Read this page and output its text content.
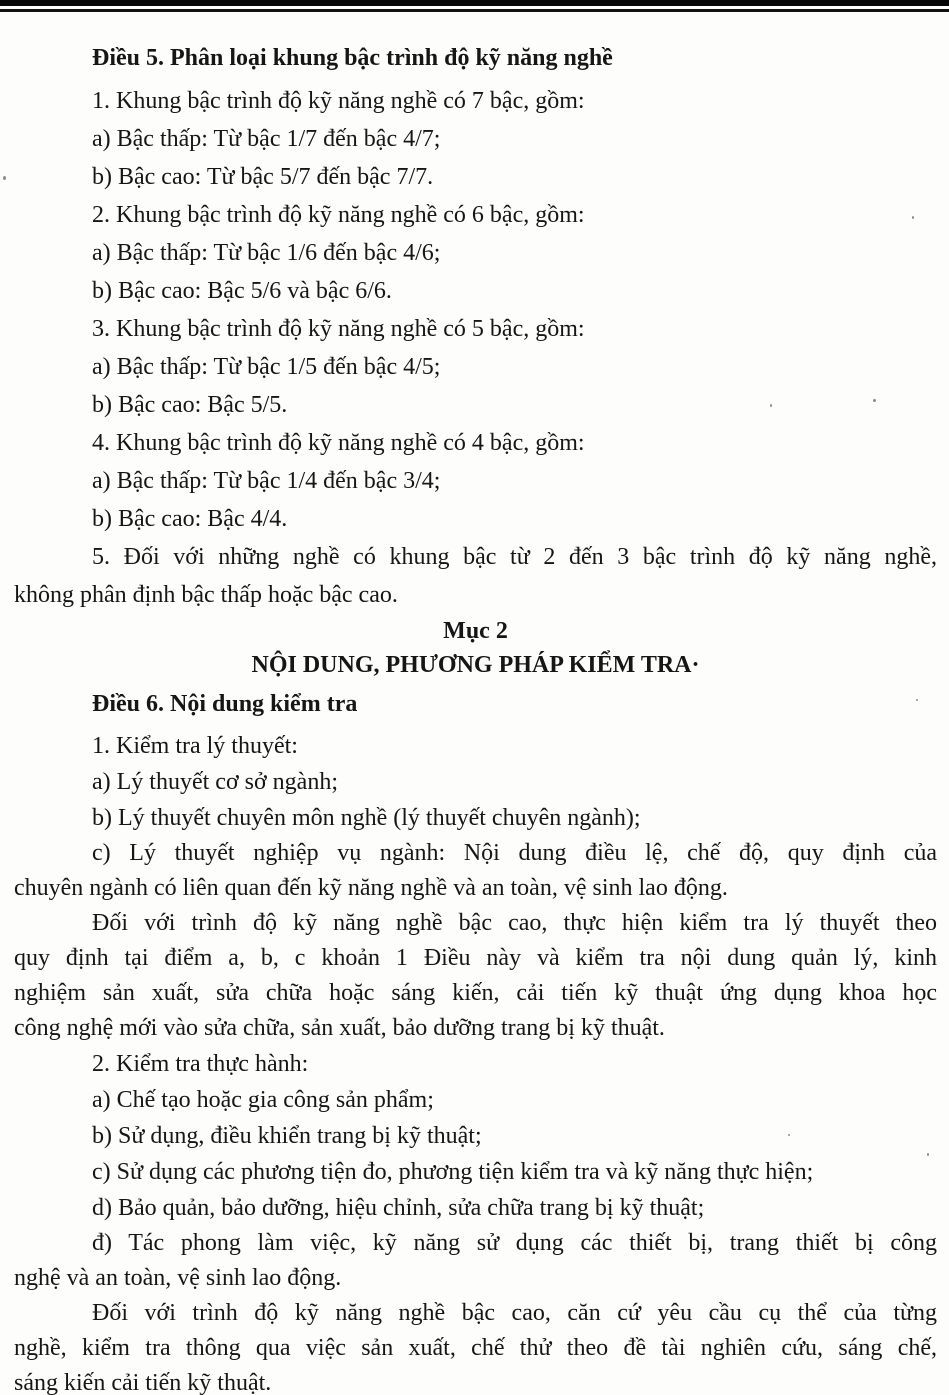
Điều 5. Phân loại khung bậc trình độ kỹ năng nghề
1. Khung bậc trình độ kỹ năng nghề có 7 bậc, gồm:
a) Bậc thấp: Từ bậc 1/7 đến bậc 4/7;
b) Bậc cao: Từ bậc 5/7 đến bậc 7/7.
2. Khung bậc trình độ kỹ năng nghề có 6 bậc, gồm:
a) Bậc thấp: Từ bậc 1/6 đến bậc 4/6;
b) Bậc cao: Bậc 5/6 và bậc 6/6.
3. Khung bậc trình độ kỹ năng nghề có 5 bậc, gồm:
a) Bậc thấp: Từ bậc 1/5 đến bậc 4/5;
b) Bậc cao: Bậc 5/5.
4. Khung bậc trình độ kỹ năng nghề có 4 bậc, gồm:
a) Bậc thấp: Từ bậc 1/4 đến bậc 3/4;
b) Bậc cao: Bậc 4/4.
5. Đối với những nghề có khung bậc từ 2 đến 3 bậc trình độ kỹ năng nghề,
không phân định bậc thấp hoặc bậc cao.
Mục 2
NỘI DUNG, PHƯƠNG PHÁP KIỂM TRA·
Điều 6. Nội dung kiểm tra
1. Kiểm tra lý thuyết:
a) Lý thuyết cơ sở ngành;
b) Lý thuyết chuyên môn nghề (lý thuyết chuyên ngành);
c) Lý thuyết nghiệp vụ ngành: Nội dung điều lệ, chế độ, quy định của
chuyên ngành có liên quan đến kỹ năng nghề và an toàn, vệ sinh lao động.
Đối với trình độ kỹ năng nghề bậc cao, thực hiện kiểm tra lý thuyết theo
quy định tại điểm a, b, c khoản 1 Điều này và kiểm tra nội dung quản lý, kinh
nghiệm sản xuất, sửa chữa hoặc sáng kiến, cải tiến kỹ thuật ứng dụng khoa học
công nghệ mới vào sửa chữa, sản xuất, bảo dưỡng trang bị kỹ thuật.
2. Kiểm tra thực hành:
a) Chế tạo hoặc gia công sản phẩm;
b) Sử dụng, điều khiển trang bị kỹ thuật;
c) Sử dụng các phương tiện đo, phương tiện kiểm tra và kỹ năng thực hiện;
d) Bảo quản, bảo dưỡng, hiệu chỉnh, sửa chữa trang bị kỹ thuật;
đ) Tác phong làm việc, kỹ năng sử dụng các thiết bị, trang thiết bị công
nghệ và an toàn, vệ sinh lao động.
Đối với trình độ kỹ năng nghề bậc cao, căn cứ yêu cầu cụ thể của từng
nghề, kiểm tra thông qua việc sản xuất, chế thử theo đề tài nghiên cứu, sáng chế,
sáng kiến cải tiến kỹ thuật.
